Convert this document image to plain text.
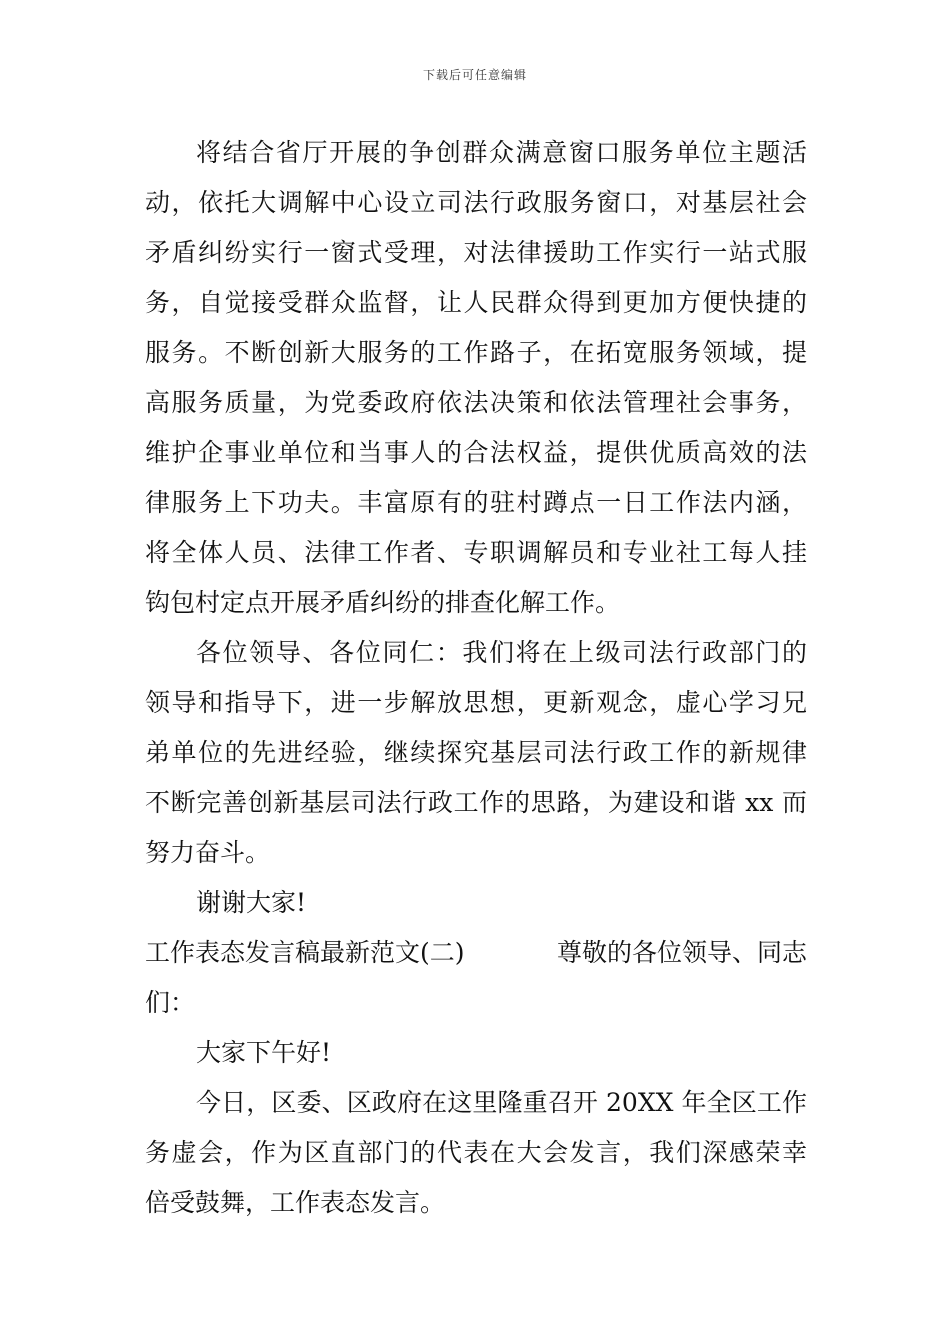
下载后可任意编辑
将结合省厅开展的争创群众满意窗口服务单位主题活
动，依托大调解中心设立司法行政服务窗口，对基层社会
矛盾纠纷实行一窗式受理，对法律援助工作实行一站式服
务，自觉接受群众监督，让人民群众得到更加方便快捷的
服务。不断创新大服务的工作路子，在拓宽服务领域，提
高服务质量，为党委政府依法决策和依法管理社会事务，
维护企事业单位和当事人的合法权益，提供优质高效的法
律服务上下功夫。丰富原有的驻村蹲点一日工作法内涵，
将全体人员、法律工作者、专职调解员和专业社工每人挂
钩包村定点开展矛盾纠纷的排查化解工作。
各位领导、各位同仁：我们将在上级司法行政部门的
领导和指导下，进一步解放思想，更新观念，虚心学习兄
弟单位的先进经验，继续探究基层司法行政工作的新规律
不断完善创新基层司法行政工作的思路，为建设和谐 xx 而
努力奋斗。
谢谢大家!
工作表态发言稿最新范文(二)	尊敬的各位领导、同志
们：
大家下午好!
今日，区委、区政府在这里隆重召开 20XX 年全区工作
务虚会，作为区直部门的代表在大会发言，我们深感荣幸
倍受鼓舞，工作表态发言。
